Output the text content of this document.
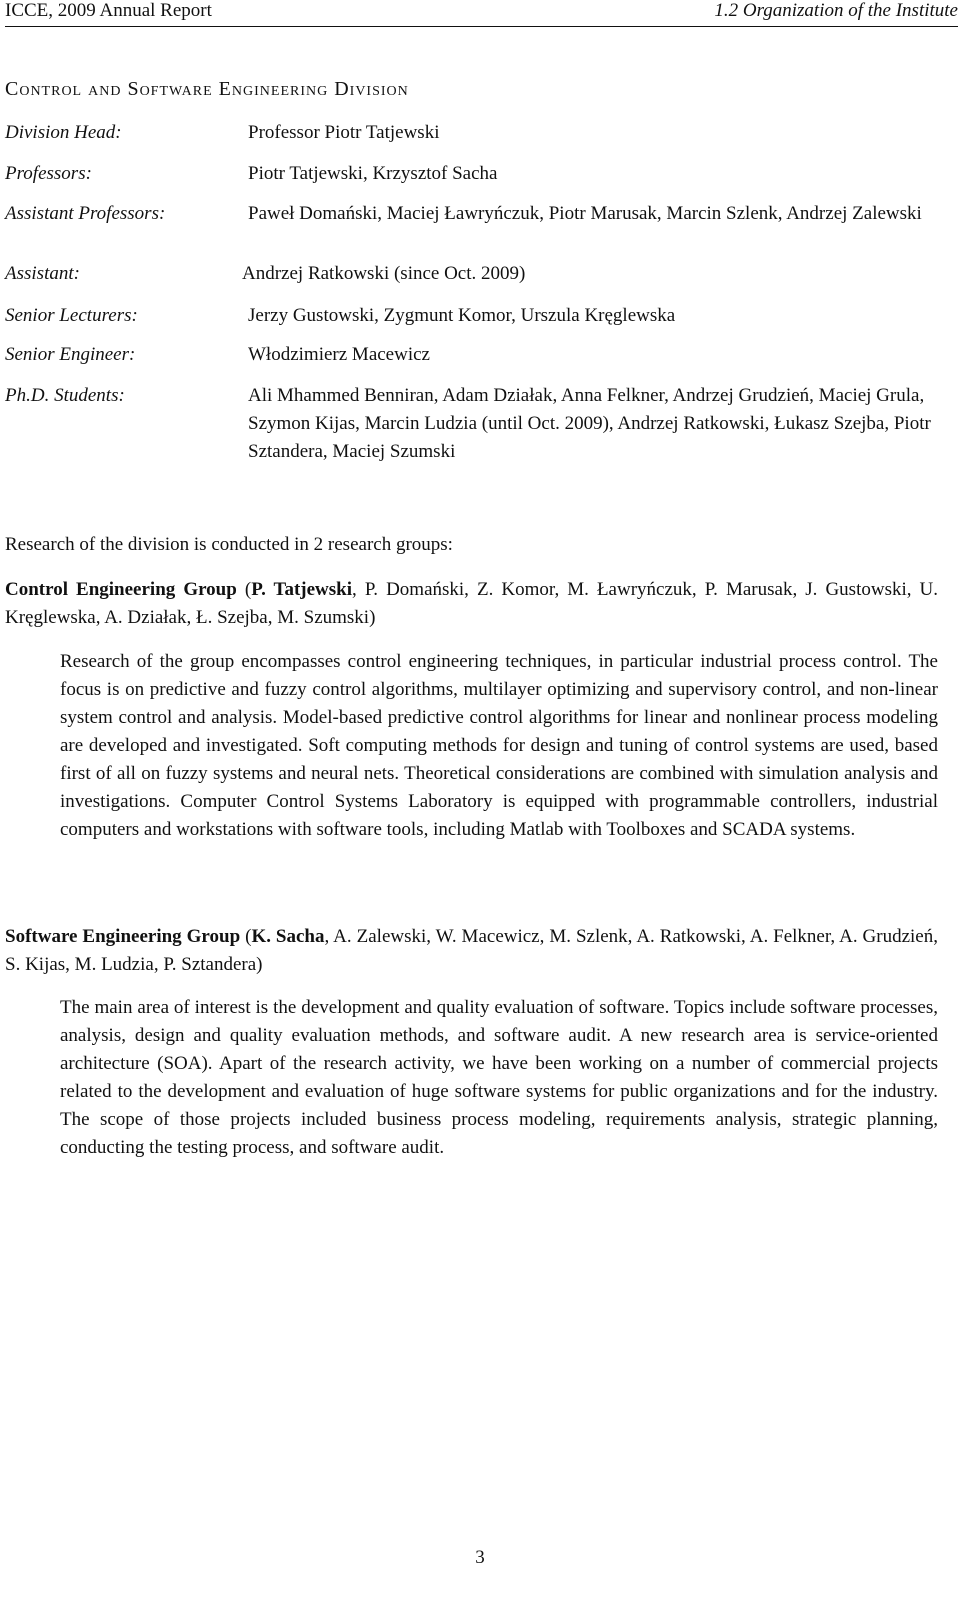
ICCE, 2009 Annual Report	1.2 Organization of the Institute
Control and Software Engineering Division
Division Head:	Professor Piotr Tatjewski
Professors:	Piotr Tatjewski, Krzysztof Sacha
Assistant Professors:	Paweł Domański, Maciej Ławryńczuk, Piotr Marusak, Marcin Szlenk, Andrzej Zalewski
Assistant:	Andrzej Ratkowski (since Oct. 2009)
Senior Lecturers:	Jerzy Gustowski, Zygmunt Komor, Urszula Kręglewska
Senior Engineer:	Włodzimierz Macewicz
Ph.D. Students:	Ali Mhammed Benniran, Adam Działak, Anna Felkner, Andrzej Grudzień, Maciej Grula, Szymon Kijas, Marcin Ludzia (until Oct. 2009), Andrzej Ratkowski, Łukasz Szejba, Piotr Sztandera, Maciej Szumski
Research of the division is conducted in 2 research groups:
Control Engineering Group (P. Tatjewski, P. Domański, Z. Komor, M. Ławryńczuk, P. Marusak, J. Gustowski, U. Kręglewska, A. Działak, Ł. Szejba, M. Szumski)
Research of the group encompasses control engineering techniques, in particular industrial process control. The focus is on predictive and fuzzy control algorithms, multilayer optimizing and supervisory control, and non-linear system control and analysis. Model-based predictive control algorithms for linear and nonlinear process modeling are developed and investigated. Soft computing methods for design and tuning of control systems are used, based first of all on fuzzy systems and neural nets. Theoretical considerations are combined with simulation analysis and investigations. Computer Control Systems Laboratory is equipped with programmable controllers, industrial computers and workstations with software tools, including Matlab with Toolboxes and SCADA systems.
Software Engineering Group (K. Sacha, A. Zalewski, W. Macewicz, M. Szlenk, A. Ratkowski, A. Felkner, A. Grudzień, S. Kijas, M. Ludzia, P. Sztandera)
The main area of interest is the development and quality evaluation of software. Topics include software processes, analysis, design and quality evaluation methods, and software audit. A new research area is service-oriented architecture (SOA). Apart of the research activity, we have been working on a number of commercial projects related to the development and evaluation of huge software systems for public organizations and for the industry. The scope of those projects included business process modeling, requirements analysis, strategic planning, conducting the testing process, and software audit.
3
